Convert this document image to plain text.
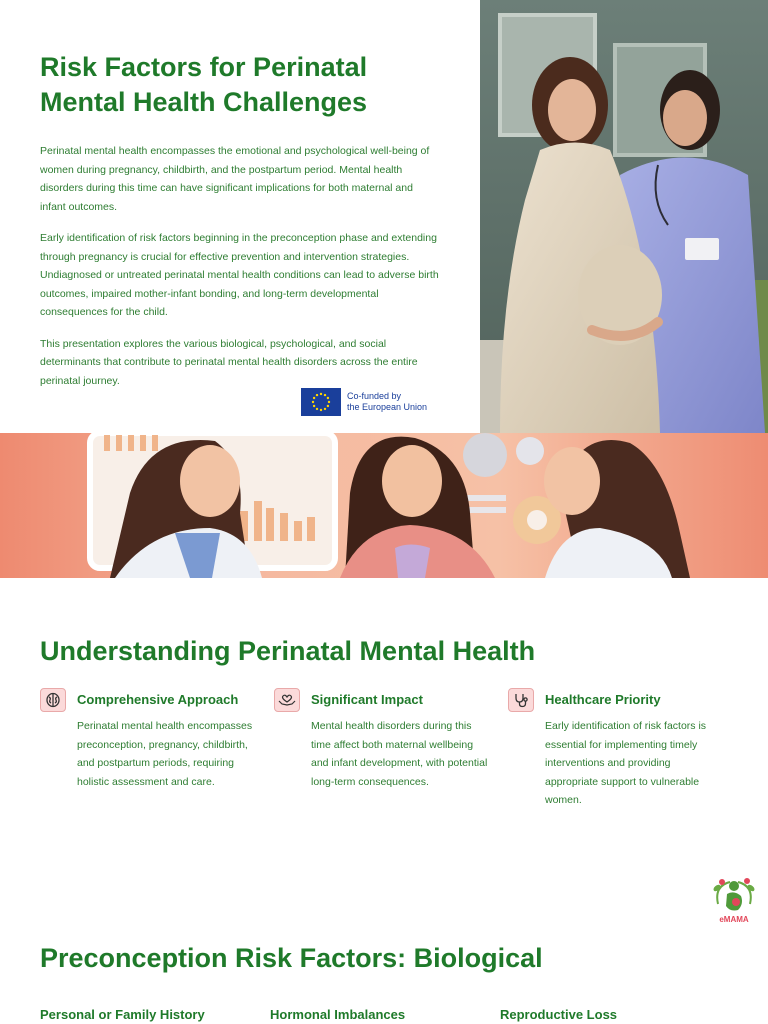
Risk Factors for Perinatal
Mental Health Challenges

Perinatal mental health encompasses the emotional and psychological well-being of women during pregnancy, childbirth, and the postpartum period. Mental health disorders during this time can have significant implications for both maternal and infant outcomes.

Early identification of risk factors beginning in the preconception phase and extending through pregnancy is crucial for effective prevention and intervention strategies. Undiagnosed or untreated perinatal mental health conditions can lead to adverse birth outcomes, impaired mother-infant bonding, and long-term developmental consequences for the child.

This presentation explores the various biological, psychological, and social determinants that contribute to perinatal mental health disorders across the entire perinatal journey.

Co-funded by
the European Union
Understanding Perinatal Mental Health
Comprehensive Approach

Perinatal mental health encompasses preconception, pregnancy, childbirth, and postpartum periods, requiring holistic assessment and care.

Significant Impact

Mental health disorders during this time affect both maternal wellbeing and infant development, with potential long-term consequences.

Healthcare Priority

Early identification of risk factors is essential for implementing timely interventions and providing appropriate support to vulnerable women.

eMAMA
Preconception Risk Factors: Biological
Personal or Family History	Hormonal Imbalances	Reproductive Loss
